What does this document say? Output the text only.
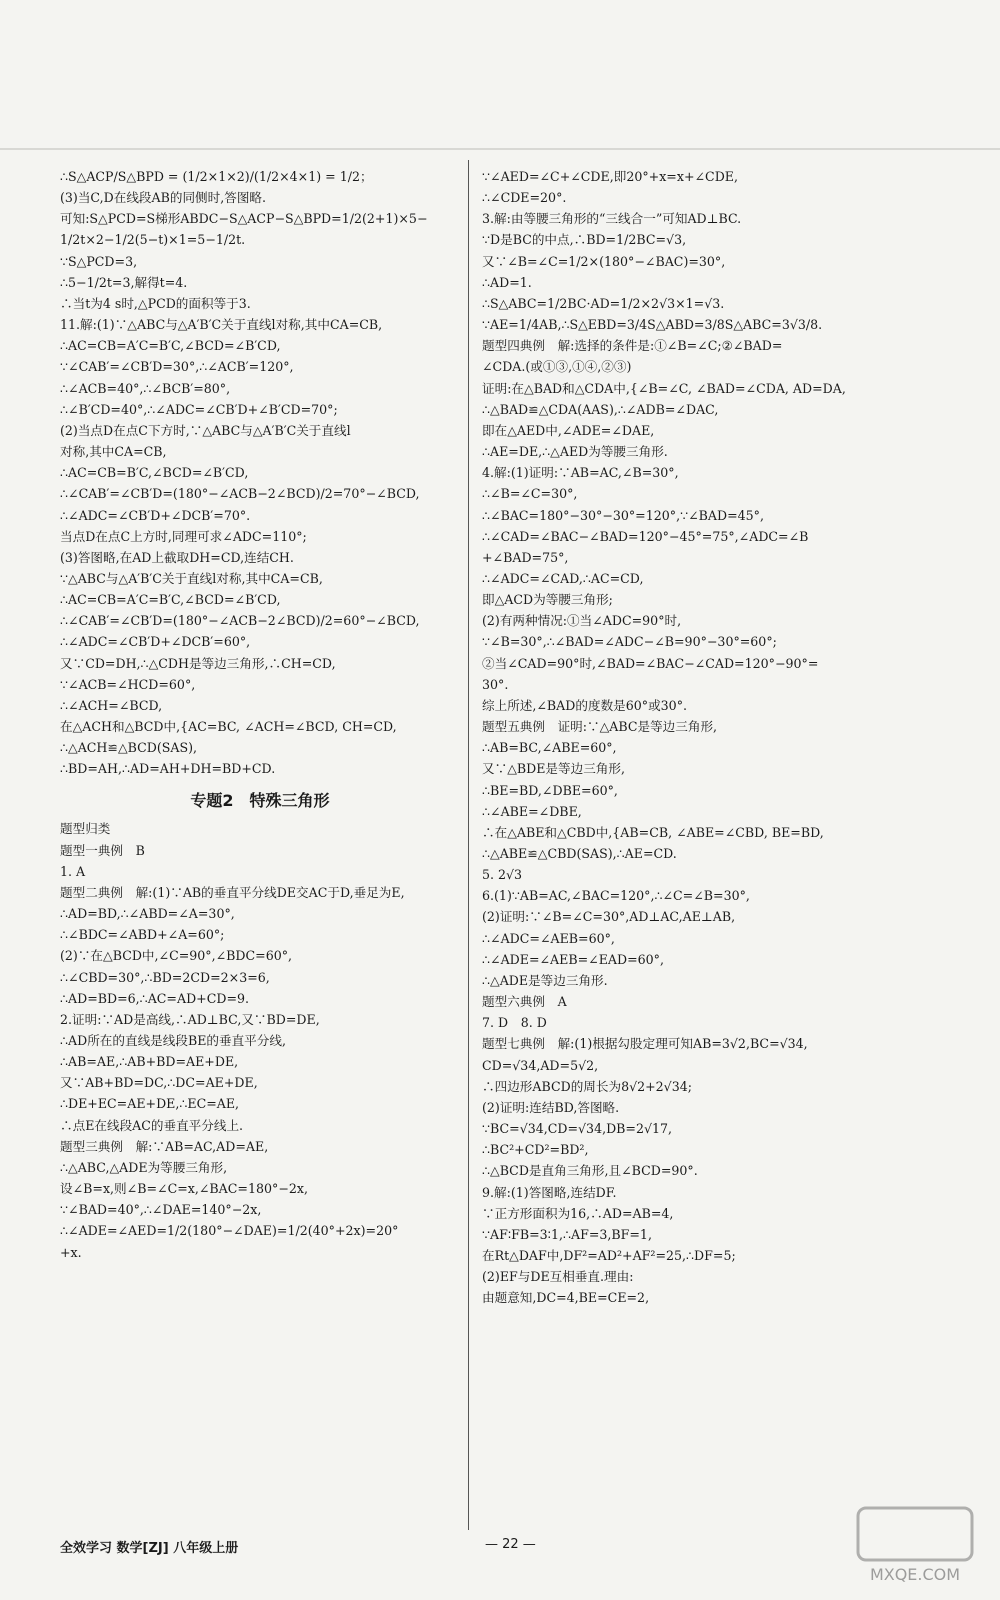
∴S△ACP/S△BPD = (1/2×1×2)/(1/2×4×1) = 1/2；
(3)当C,D在线段AB的同侧时,答图略.
可知:S△PCD=S梯形ABDC−S△ACP−S△BPD=1/2(2+1)×5−
1/2t×2−1/2(5−t)×1=5−1/2t.
∵S△PCD=3,
∴5−1/2t=3,解得t=4.
∴当t为4 s时,△PCD的面积等于3.
11.解:(1)∵△ABC与△A′B′C关于直线l对称,其中CA=CB,
∴AC=CB=A′C=B′C,∠BCD=∠B′CD,
∵∠CAB′=∠CB′D=30°,∴∠ACB′=120°,
∴∠ACB=40°,∴∠BCB′=80°,
∴∠B′CD=40°,∴∠ADC=∠CB′D+∠B′CD=70°;
(2)当点D在点C下方时,∵△ABC与△A′B′C关于直线l
对称,其中CA=CB,
∴AC=CB=B′C,∠BCD=∠B′CD,
∴∠CAB′=∠CB′D=(180°−∠ACB−2∠BCD)/2=70°−∠BCD,
∴∠ADC=∠CB′D+∠DCB′=70°.
当点D在点C上方时,同理可求∠ADC=110°;
(3)答图略,在AD上截取DH=CD,连结CH.
∵△ABC与△A′B′C关于直线l对称,其中CA=CB,
∴AC=CB=A′C=B′C,∠BCD=∠B′CD,
∴∠CAB′=∠CB′D=(180°−∠ACB−2∠BCD)/2=60°−∠BCD,
∴∠ADC=∠CB′D+∠DCB′=60°,
又∵CD=DH,∴△CDH是等边三角形,∴CH=CD,
∵∠ACB=∠HCD=60°,
∴∠ACH=∠BCD,
在△ACH和△BCD中,{AC=BC, ∠ACH=∠BCD, CH=CD,
∴△ACH≌△BCD(SAS),
∴BD=AH,∴AD=AH+DH=BD+CD.
专题2　特殊三角形
题型归类
题型一典例　B
1. A
题型二典例　解:(1)∵AB的垂直平分线DE交AC于D,垂足为E,
∴AD=BD,∴∠ABD=∠A=30°,
∴∠BDC=∠ABD+∠A=60°;
(2)∵在△BCD中,∠C=90°,∠BDC=60°,
∴∠CBD=30°,∴BD=2CD=2×3=6,
∴AD=BD=6,∴AC=AD+CD=9.
2.证明:∵AD是高线,∴AD⊥BC,又∵BD=DE,
∴AD所在的直线是线段BE的垂直平分线,
∴AB=AE,∴AB+BD=AE+DE,
又∵AB+BD=DC,∴DC=AE+DE,
∴DE+EC=AE+DE,∴EC=AE,
∴点E在线段AC的垂直平分线上.
题型三典例　解:∵AB=AC,AD=AE,
∴△ABC,△ADE为等腰三角形,
设∠B=x,则∠B=∠C=x,∠BAC=180°−2x,
∵∠BAD=40°,∴∠DAE=140°−2x,
∴∠ADE=∠AED=1/2(180°−∠DAE)=1/2(40°+2x)=20°
+x.
∵∠AED=∠C+∠CDE,即20°+x=x+∠CDE,
∴∠CDE=20°.
3.解:由等腰三角形的“三线合一”可知AD⊥BC.
∵D是BC的中点,∴BD=1/2BC=√3,
又∵∠B=∠C=1/2×(180°−∠BAC)=30°,
∴AD=1.
∴S△ABC=1/2BC·AD=1/2×2√3×1=√3.
∵AE=1/4AB,∴S△EBD=3/4S△ABD=3/8S△ABC=3√3/8.
题型四典例　解:选择的条件是:①∠B=∠C;②∠BAD=
∠CDA.(或①③,①④,②③)
证明:在△BAD和△CDA中,{∠B=∠C, ∠BAD=∠CDA, AD=DA,
∴△BAD≌△CDA(AAS),∴∠ADB=∠DAC,
即在△AED中,∠ADE=∠DAE,
∴AE=DE,∴△AED为等腰三角形.
4.解:(1)证明:∵AB=AC,∠B=30°,
∴∠B=∠C=30°,
∴∠BAC=180°−30°−30°=120°,∵∠BAD=45°,
∴∠CAD=∠BAC−∠BAD=120°−45°=75°,∠ADC=∠B
+∠BAD=75°,
∴∠ADC=∠CAD,∴AC=CD,
即△ACD为等腰三角形;
(2)有两种情况:①当∠ADC=90°时,
∵∠B=30°,∴∠BAD=∠ADC−∠B=90°−30°=60°;
②当∠CAD=90°时,∠BAD=∠BAC−∠CAD=120°−90°=
30°.
综上所述,∠BAD的度数是60°或30°.
题型五典例　证明:∵△ABC是等边三角形,
∴AB=BC,∠ABE=60°,
又∵△BDE是等边三角形,
∴BE=BD,∠DBE=60°,
∴∠ABE=∠DBE,
∴在△ABE和△CBD中,{AB=CB, ∠ABE=∠CBD, BE=BD,
∴△ABE≌△CBD(SAS),∴AE=CD.
5. 2√3
6.(1)∵AB=AC,∠BAC=120°,∴∠C=∠B=30°,
(2)证明:∵∠B=∠C=30°,AD⊥AC,AE⊥AB,
∴∠ADC=∠AEB=60°,
∴∠ADE=∠AEB=∠EAD=60°,
∴△ADE是等边三角形.
题型六典例　A
7. D　8. D
题型七典例　解:(1)根据勾股定理可知AB=3√2,BC=√34,
CD=√34,AD=5√2,
∴四边形ABCD的周长为8√2+2√34;
(2)证明:连结BD,答图略.
∵BC=√34,CD=√34,DB=2√17,
∴BC²+CD²=BD²,
∴△BCD是直角三角形,且∠BCD=90°.
9.解:(1)答图略,连结DF.
∵正方形面积为16,∴AD=AB=4,
∵AF∶FB=3∶1,∴AF=3,BF=1,
在Rt△DAF中,DF²=AD²+AF²=25,∴DF=5;
(2)EF与DE互相垂直.理由:
由题意知,DC=4,BE=CE=2,
全效学习 数学[ZJ] 八年级上册	— 22 —
MXQE.COM
